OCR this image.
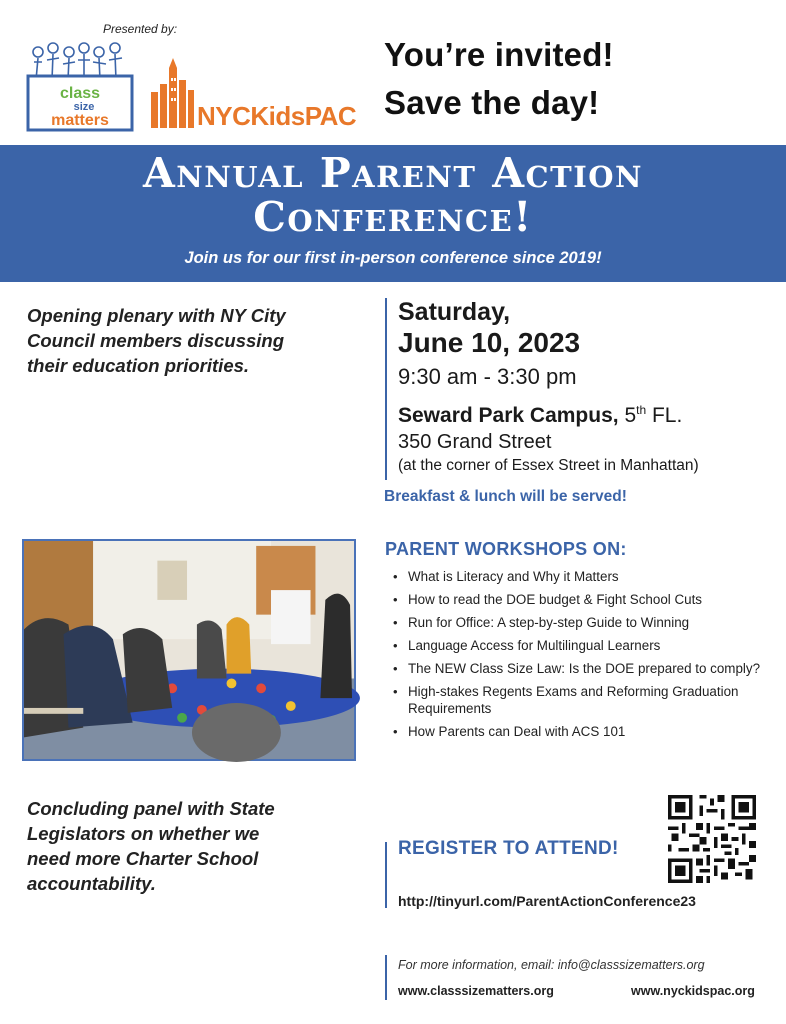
Presented by:
class
size
matters	NYCKidsPAC
You’re invited!
Save the day!
Annual Parent Action
Conference!
Join us for our first in-person conference since 2019!
Opening plenary with NY City
Council members discussing
their education priorities.
Saturday,
June 10, 2023
9:30 am - 3:30 pm
Seward Park Campus, 5th FL.
350 Grand Street
(at the corner of Essex Street in Manhattan)
Breakfast & lunch will be served!
PARENT WORKSHOPS ON:
• What is Literacy and Why it Matters
• How to read the DOE budget & Fight School Cuts
• Run for Office: A step-by-step Guide to Winning
• Language Access for Multilingual Learners
• The NEW Class Size Law: Is the DOE prepared to comply?
• High-stakes Regents Exams and Reforming Graduation Requirements
• How Parents can Deal with ACS 101
Concluding panel with State
Legislators on whether we
need more Charter School
accountability.
REGISTER TO ATTEND!
http://tinyurl.com/ParentActionConference23
For more information, email: info@classsizematters.org
www.classsizematters.org	www.nyckidspac.org
